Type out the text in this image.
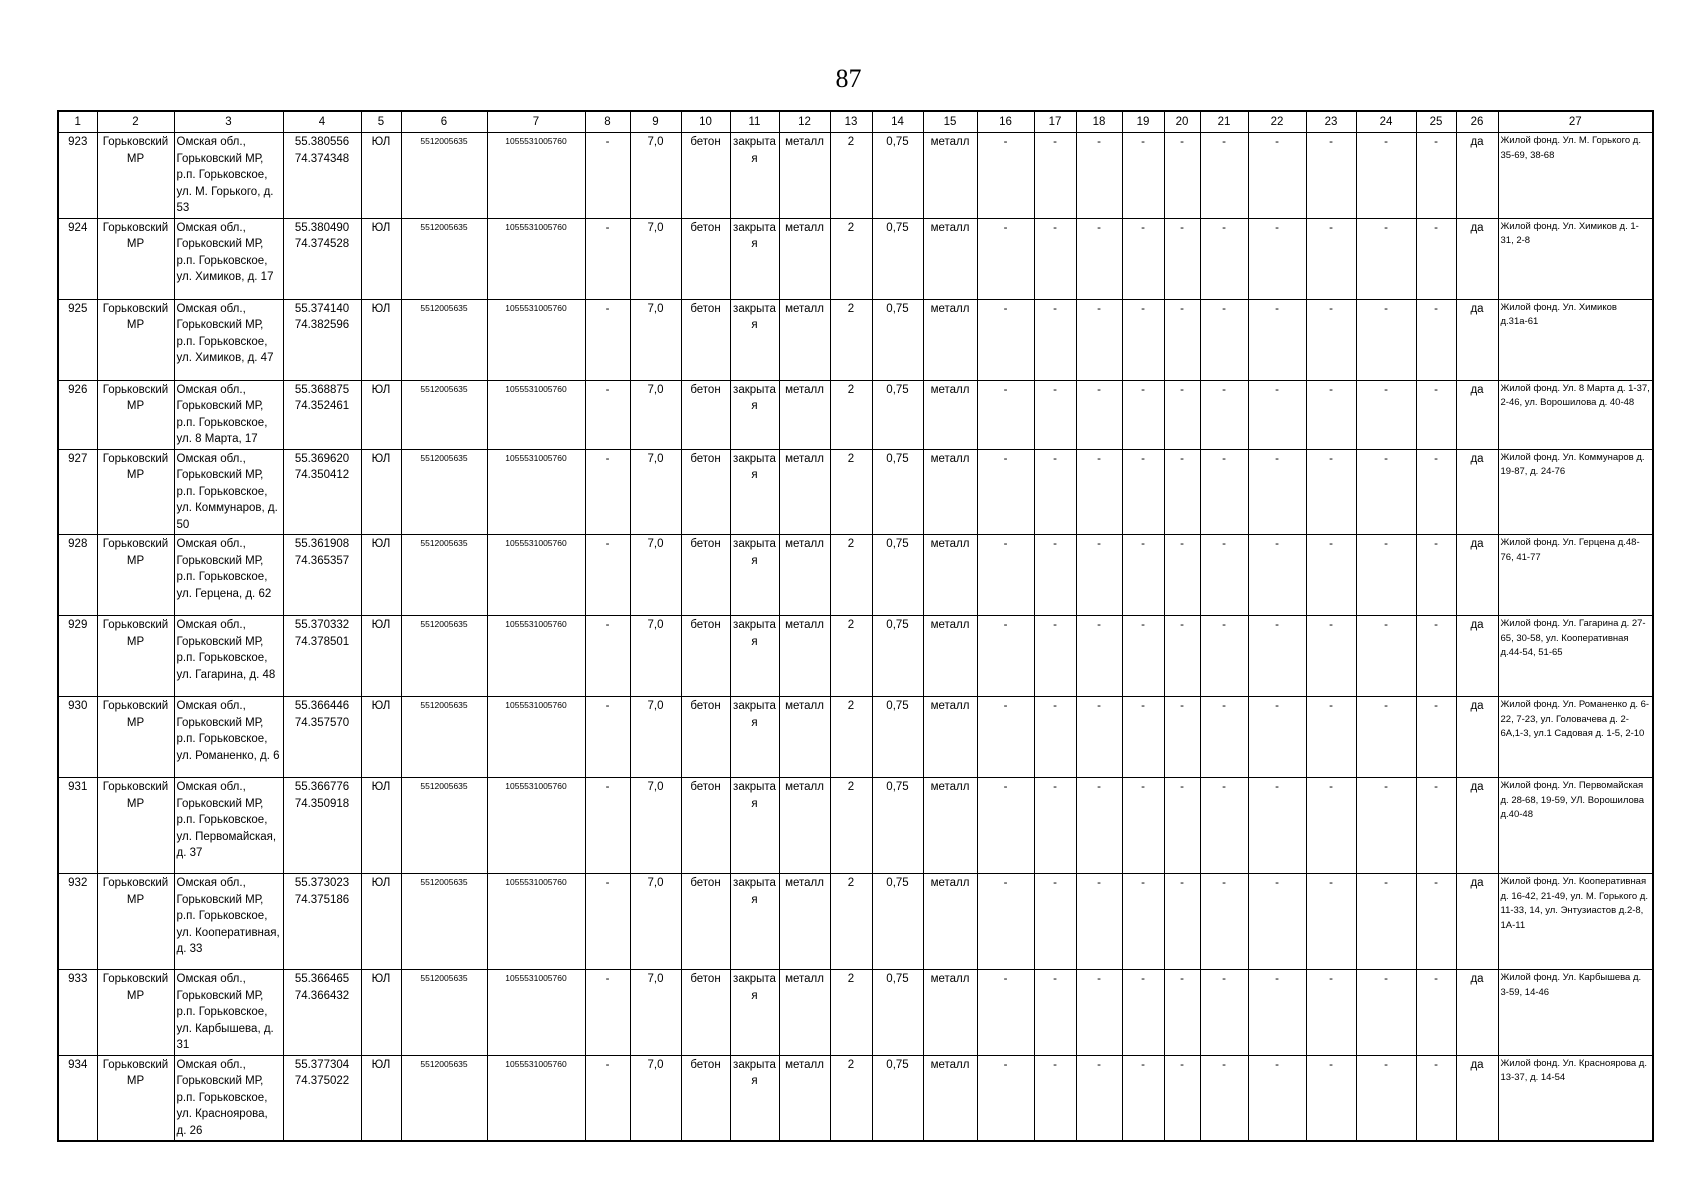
87
1	2	3	4	5	6	7	8	9	10	11	12	13	14	15	16	17	18	19	20	21	22	23	24	25	26	27
923	Горьковский МР	Омская обл., Горьковский МР, р.п. Горьковское, ул. М. Горького, д. 53	55.380556 74.374348	ЮЛ	5512005635	1055531005760	-	7,0	бетон	закрытая	металл	2	0,75	металл	-	-	-	-	-	-	-	-	-	-	да	Жилой фонд. Ул. М. Горького д. 35-69, 38-68
924	Горьковский МР	Омская обл., Горьковский МР, р.п. Горьковское, ул. Химиков, д. 17	55.380490 74.374528	ЮЛ	5512005635	1055531005760	-	7,0	бетон	закрытая	металл	2	0,75	металл	-	-	-	-	-	-	-	-	-	-	да	Жилой фонд. Ул. Химиков д. 1-31, 2-8
925	Горьковский МР	Омская обл., Горьковский МР, р.п. Горьковское, ул. Химиков, д. 47	55.374140 74.382596	ЮЛ	5512005635	1055531005760	-	7,0	бетон	закрытая	металл	2	0,75	металл	-	-	-	-	-	-	-	-	-	-	да	Жилой фонд. Ул. Химиков д.31а-61
926	Горьковский МР	Омская обл., Горьковский МР, р.п. Горьковское, ул. 8 Марта, 17	55.368875 74.352461	ЮЛ	5512005635	1055531005760	-	7,0	бетон	закрытая	металл	2	0,75	металл	-	-	-	-	-	-	-	-	-	-	да	Жилой фонд. Ул. 8 Марта д. 1-37, 2-46, ул. Ворошилова д. 40-48
927	Горьковский МР	Омская обл., Горьковский МР, р.п. Горьковское, ул. Коммунаров, д. 50	55.369620 74.350412	ЮЛ	5512005635	1055531005760	-	7,0	бетон	закрытая	металл	2	0,75	металл	-	-	-	-	-	-	-	-	-	-	да	Жилой фонд. Ул. Коммунаров д. 19-87, д. 24-76
928	Горьковский МР	Омская обл., Горьковский МР, р.п. Горьковское, ул. Герцена, д. 62	55.361908 74.365357	ЮЛ	5512005635	1055531005760	-	7,0	бетон	закрытая	металл	2	0,75	металл	-	-	-	-	-	-	-	-	-	-	да	Жилой фонд. Ул. Герцена д.48-76, 41-77
929	Горьковский МР	Омская обл., Горьковский МР, р.п. Горьковское, ул. Гагарина, д. 48	55.370332 74.378501	ЮЛ	5512005635	1055531005760	-	7,0	бетон	закрытая	металл	2	0,75	металл	-	-	-	-	-	-	-	-	-	-	да	Жилой фонд. Ул. Гагарина д. 27-65, 30-58, ул. Кооперативная д.44-54, 51-65
930	Горьковский МР	Омская обл., Горьковский МР, р.п. Горьковское, ул. Романенко, д. 6	55.366446 74.357570	ЮЛ	5512005635	1055531005760	-	7,0	бетон	закрытая	металл	2	0,75	металл	-	-	-	-	-	-	-	-	-	-	да	Жилой фонд. Ул. Романенко д. 6-22, 7-23, ул. Головачева д. 2-6А,1-3, ул.1 Садовая д. 1-5, 2-10
931	Горьковский МР	Омская обл., Горьковский МР, р.п. Горьковское, ул. Первомайская, д. 37	55.366776 74.350918	ЮЛ	5512005635	1055531005760	-	7,0	бетон	закрытая	металл	2	0,75	металл	-	-	-	-	-	-	-	-	-	-	да	Жилой фонд. Ул. Первомайская д. 28-68, 19-59, УЛ. Ворошилова д.40-48
932	Горьковский МР	Омская обл., Горьковский МР, р.п. Горьковское, ул. Кооперативная, д. 33	55.373023 74.375186	ЮЛ	5512005635	1055531005760	-	7,0	бетон	закрытая	металл	2	0,75	металл	-	-	-	-	-	-	-	-	-	-	да	Жилой фонд. Ул. Кооперативная д. 16-42, 21-49, ул. М. Горького д. 11-33, 14, ул. Энтузиастов д.2-8, 1А-11
933	Горьковский МР	Омская обл., Горьковский МР, р.п. Горьковское, ул. Карбышева, д. 31	55.366465 74.366432	ЮЛ	5512005635	1055531005760	-	7,0	бетон	закрытая	металл	2	0,75	металл	-	-	-	-	-	-	-	-	-	-	да	Жилой фонд. Ул. Карбышева д. 3-59, 14-46
934	Горьковский МР	Омская обл., Горьковский МР, р.п. Горьковское, ул. Красноярова, д. 26	55.377304 74.375022	ЮЛ	5512005635	1055531005760	-	7,0	бетон	закрытая	металл	2	0,75	металл	-	-	-	-	-	-	-	-	-	-	да	Жилой фонд. Ул. Красноярова д. 13-37, д. 14-54
